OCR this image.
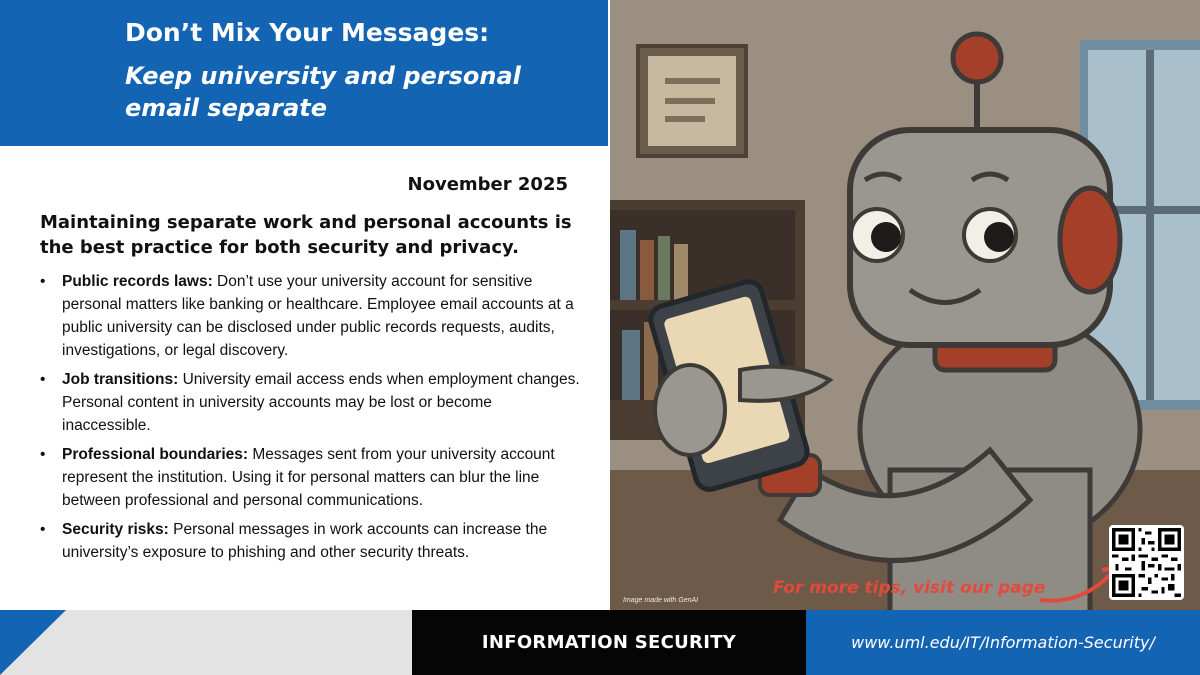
Don’t Mix Your Messages:
Keep university and personal email separate
November 2025
Maintaining separate work and personal accounts is the best practice for both security and privacy.
• Public records laws: Don’t use your university account for sensitive personal matters like banking or healthcare. Employee email accounts at a public university can be disclosed under public records requests, audits, investigations, or legal discovery.
• Job transitions: University email access ends when employment changes. Personal content in university accounts may be lost or become inaccessible.
• Professional boundaries: Messages sent from your university account represent the institution. Using it for personal matters can blur the line between professional and personal communications.
• Security risks: Personal messages in work accounts can increase the university’s exposure to phishing and other security threats.
Image made with GenAI
For more tips, visit our page
INFORMATION SECURITY	www.uml.edu/IT/Information-Security/
